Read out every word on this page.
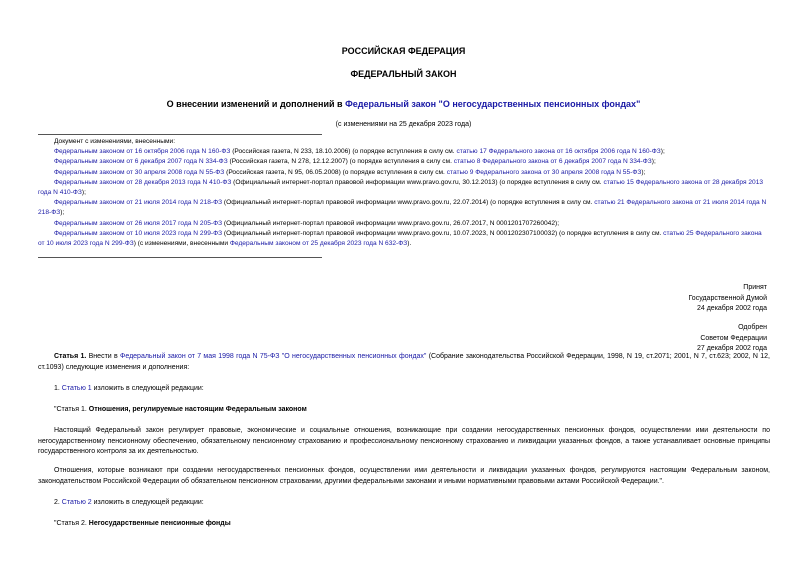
РОССИЙСКАЯ ФЕДЕРАЦИЯ
ФЕДЕРАЛЬНЫЙ ЗАКОН
О внесении изменений и дополнений в Федеральный закон "О негосударственных пенсионных фондах"
(с изменениями на 25 декабря 2023 года)
Документ с изменениями, внесенными:
Федеральным законом от 16 октября 2006 года N 160-ФЗ (Российская газета, N 233, 18.10.2006) (о порядке вступления в силу см. статью 17 Федерального закона от 16 октября 2006 года N 160-ФЗ);
Федеральным законом от 6 декабря 2007 года N 334-ФЗ (Российская газета, N 278, 12.12.2007) (о порядке вступления в силу см. статью 8 Федерального закона от 6 декабря 2007 года N 334-ФЗ);
Федеральным законом от 30 апреля 2008 года N 55-ФЗ (Российская газета, N 95, 06.05.2008) (о порядке вступления в силу см. статью 9 Федерального закона от 30 апреля 2008 года N 55-ФЗ);
Федеральным законом от 28 декабря 2013 года N 410-ФЗ (Официальный интернет-портал правовой информации www.pravo.gov.ru, 30.12.2013) (о порядке вступления в силу см. статью 15 Федерального закона от 28 декабря 2013 года N 410-ФЗ);
Федеральным законом от 21 июля 2014 года N 218-ФЗ (Официальный интернет-портал правовой информации www.pravo.gov.ru, 22.07.2014) (о порядке вступления в силу см. статью 21 Федерального закона от 21 июля 2014 года N 218-ФЗ);
Федеральным законом от 26 июля 2017 года N 205-ФЗ (Официальный интернет-портал правовой информации www.pravo.gov.ru, 26.07.2017, N 0001201707260042);
Федеральным законом от 10 июля 2023 года N 299-ФЗ (Официальный интернет-портал правовой информации www.pravo.gov.ru, 10.07.2023, N 0001202307100032) (о порядке вступления в силу см. статью 25 Федерального закона от 10 июля 2023 года N 299-ФЗ) (с изменениями, внесенными Федеральным законом от 25 декабря 2023 года N 632-ФЗ).
Принят
Государственной Думой
24 декабря 2002 года
Одобрен
Советом Федерации
27 декабря 2002 года
Статья 1. Внести в Федеральный закон от 7 мая 1998 года N 75-ФЗ "О негосударственных пенсионных фондах" (Собрание законодательства Российской Федерации, 1998, N 19, ст.2071; 2001, N 7, ст.623; 2002, N 12, ст.1093) следующие изменения и дополнения:
1. Статью 1 изложить в следующей редакции:
"Статья 1. Отношения, регулируемые настоящим Федеральным законом
Настоящий Федеральный закон регулирует правовые, экономические и социальные отношения, возникающие при создании негосударственных пенсионных фондов, осуществлении ими деятельности по негосударственному пенсионному обеспечению, обязательному пенсионному страхованию и профессиональному пенсионному страхованию и ликвидации указанных фондов, а также устанавливает основные принципы государственного контроля за их деятельностью.
Отношения, которые возникают при создании негосударственных пенсионных фондов, осуществлении ими деятельности и ликвидации указанных фондов, регулируются настоящим Федеральным законом, законодательством Российской Федерации об обязательном пенсионном страховании, другими федеральными законами и иными нормативными правовыми актами Российской Федерации.".
2. Статью 2 изложить в следующей редакции:
"Статья 2. Негосударственные пенсионные фонды
